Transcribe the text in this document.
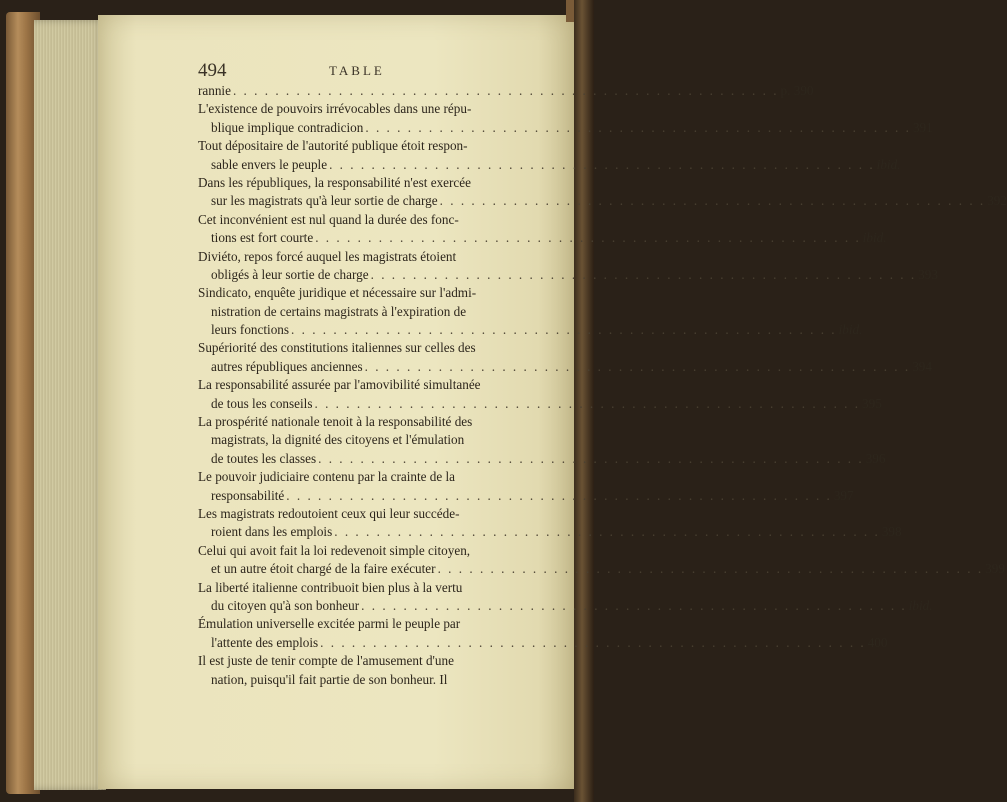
494	TABLE
rannie . . . . . . . . . . . . . . . . . . . . . . . . . . . . . . . . . . . . . . . . . . . . . . . . . . . . p. 390
L'existence de pouvoirs irrévocables dans une répu-
blique implique contradicion . . . . . . . . . . . . . . . . . . . . . . . . . . . . . . . . . . . . . . . . . . . . . . . . . . . . 391
Tout dépositaire de l'autorité publique étoit respon-
sable envers le peuple . . . . . . . . . . . . . . . . . . . . . . . . . . . . . . . . . . . . . . . . . . . . . . . . . . . . ibid.
Dans les républiques, la responsabilité n'est exercée
sur les magistrats qu'à leur sortie de charge . . . . . . . . . . . . . . . . . . . . . . . . . . . . . . . . . . . . . . . . . . . . . . . . . . . . 392
Cet inconvénient est nul quand la durée des fonc-
tions est fort courte . . . . . . . . . . . . . . . . . . . . . . . . . . . . . . . . . . . . . . . . . . . . . . . . . . . . ibid.
Diviéto, repos forcé auquel les magistrats étoient
obligés à leur sortie de charge . . . . . . . . . . . . . . . . . . . . . . . . . . . . . . . . . . . . . . . . . . . . . . . . . . . . 393
Sindicato, enquête juridique et nécessaire sur l'admi-
nistration de certains magistrats à l'expiration de
leurs fonctions . . . . . . . . . . . . . . . . . . . . . . . . . . . . . . . . . . . . . . . . . . . . . . . . . . . . ibid.
Supériorité des constitutions italiennes sur celles des
autres républiques anciennes . . . . . . . . . . . . . . . . . . . . . . . . . . . . . . . . . . . . . . . . . . . . . . . . . . . . 394
La responsabilité assurée par l'amovibilité simultanée
de tous les conseils . . . . . . . . . . . . . . . . . . . . . . . . . . . . . . . . . . . . . . . . . . . . . . . . . . . . 395
La prospérité nationale tenoit à la responsabilité des
magistrats, la dignité des citoyens et l'émulation
de toutes les classes . . . . . . . . . . . . . . . . . . . . . . . . . . . . . . . . . . . . . . . . . . . . . . . . . . . . 396
Le pouvoir judiciaire contenu par la crainte de la
responsabilité . . . . . . . . . . . . . . . . . . . . . . . . . . . . . . . . . . . . . . . . . . . . . . . . . . . . 397
Les magistrats redoutoient ceux qui leur succéde-
roient dans les emplois . . . . . . . . . . . . . . . . . . . . . . . . . . . . . . . . . . . . . . . . . . . . . . . . . . . . 398
Celui qui avoit fait la loi redevenoit simple citoyen,
et un autre étoit chargé de la faire exécuter . . . . . . . . . . . . . . . . . . . . . . . . . . . . . . . . . . . . . . . . . . . . . . . . . . . . 399
La liberté italienne contribuoit bien plus à la vertu
du citoyen qu'à son bonheur . . . . . . . . . . . . . . . . . . . . . . . . . . . . . . . . . . . . . . . . . . . . . . . . . . . . ibid.
Émulation universelle excitée parmi le peuple par
l'attente des emplois . . . . . . . . . . . . . . . . . . . . . . . . . . . . . . . . . . . . . . . . . . . . . . . . . . . . 400
Il est juste de tenir compte de l'amusement d'une
nation, puisqu'il fait partie de son bonheur. Il
